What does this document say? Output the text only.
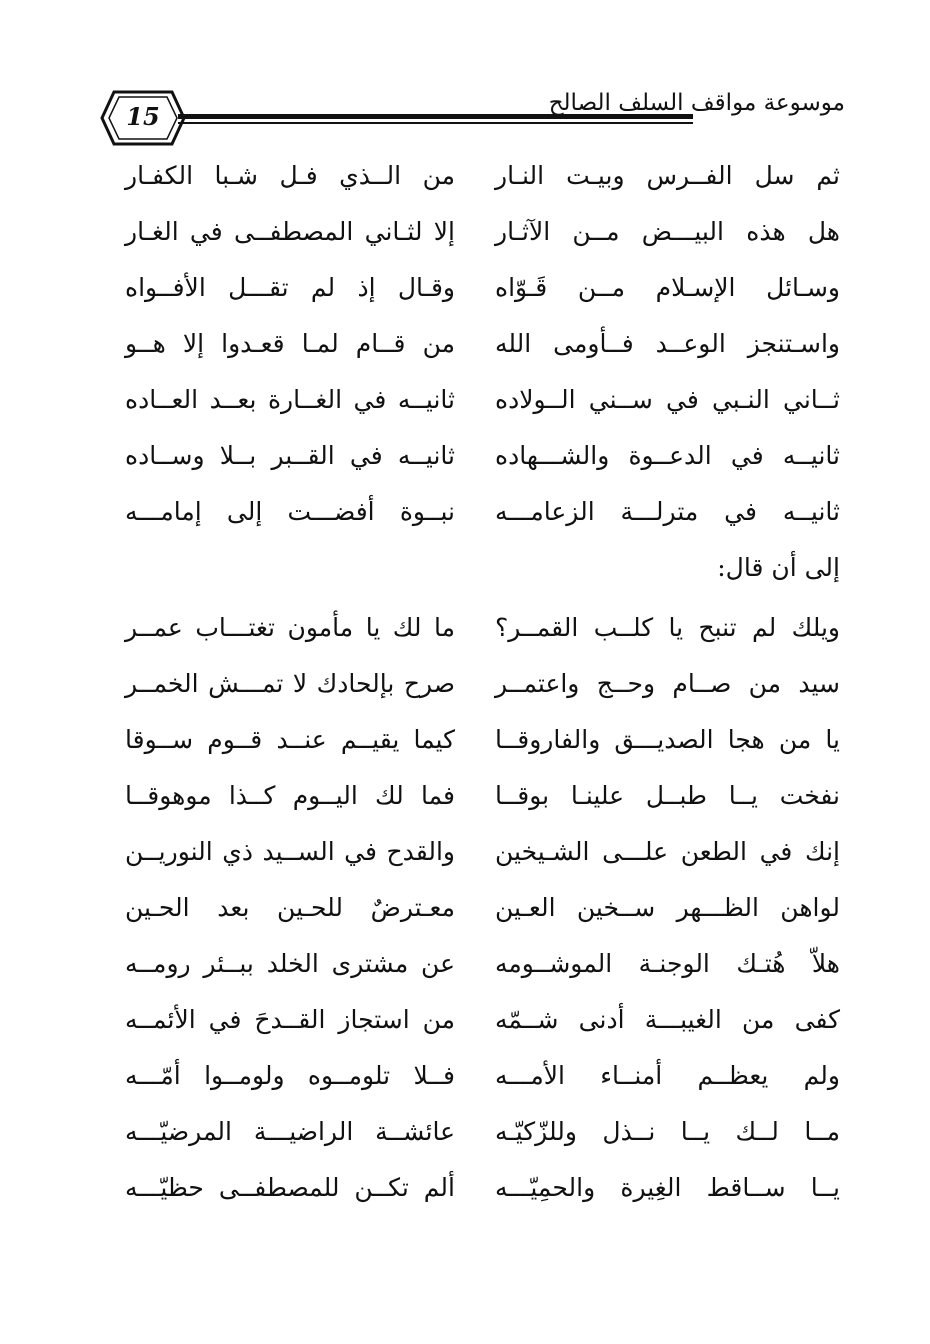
15	موسوعة مواقف السلف الصالح
ثم سل الفــرس وبيـت النـار
من الــذي فـل شـبا الكفـار
هل هذه البيـــض مــن الآثـار
إلا لثـاني المصطفــى في الغـار
وسـائل الإسـلام مــن قَـوّاه
وقـال إذ لم تقـــل الأفــواه
واسـتنجز الوعــد فــأومى الله
من قــام لمـا قعـدوا إلا هــو
ثــاني النـبي في ســني الــولاده
ثانيــه في الغــارة بعــد العــاده
ثانيــه في الدعــوة والشـــهاده
ثانيــه في القــبر بــلا وســاده
ثانيــه في مترلـــة الزعامـــه
نبــوة أفضـــت إلى إمامـــه
إلى أن قال:
ويلك لم تنبح يا كلــب القمــر؟
ما لك يا مأمون تغتـــاب عمــر
سيد من صــام وحــج واعتمــر
صرح بإلحادك لا تمـــش الخمــر
يا من هجا الصديـــق والفاروقــا
كيما يقيــم عنــد قــوم ســوقا
نفخت يــا طبــل علينـا بوقــا
فما لك اليــوم كــذا موهوقــا
إنك في الطعن علـــى الشـيخين
والقدح في الســيد ذي النوريــن
لواهن الظـــهر ســخين العـين
معـترضٌ للحـين بعد الحـين
هلاّ هُتـك الوجنـة الموشــومه
عن مشترى الخلد ببــئر رومــه
كفى من الغيبـــة أدنى شــمّه
من استجاز القــدحَ في الأئمــه
ولم يعظــم أمنــاء الأمـــه
فــلا تلومــوه ولومــوا أمّـــه
مــا لــك يــا نــذل وللزّكيّـه
عائشــة الراضيـــة المرضيّـــه
يــا ســاقط الغِيرة والحمِيّـــه
ألم تكــن للمصطفــى حظيّـــه
